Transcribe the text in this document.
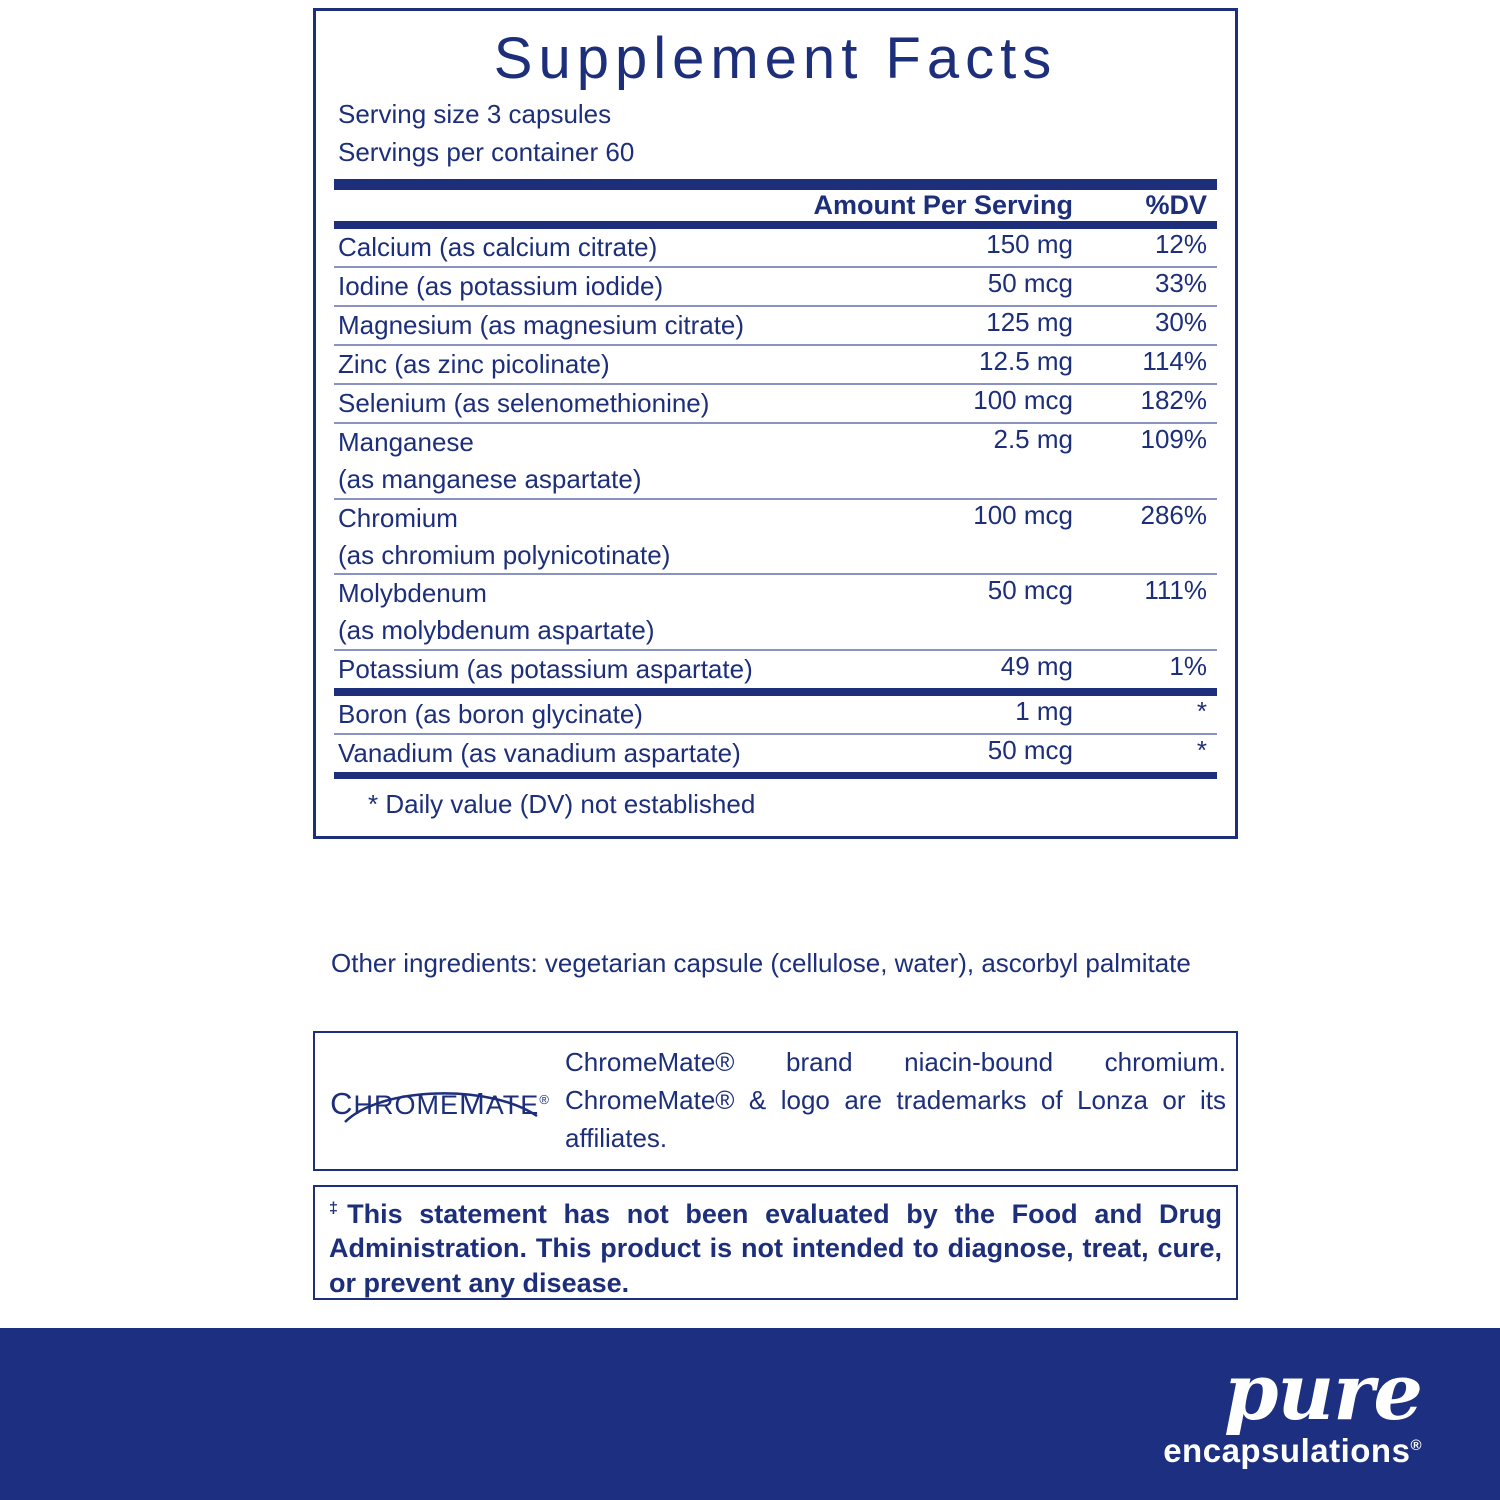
Supplement Facts
Serving size 3 capsules
Servings per container 60
	Amount Per Serving	%DV

Calcium (as calcium citrate)	150 mg	12%

Iodine (as potassium iodide)	50 mcg	33%

Magnesium (as magnesium citrate)	125 mg	30%

Zinc (as zinc picolinate)	12.5 mg	114%

Selenium (as selenomethionine)	100 mcg	182%

Manganese
(as manganese aspartate)	2.5 mg	109%

Chromium
(as chromium polynicotinate)	100 mcg	286%

Molybdenum
(as molybdenum aspartate)	50 mcg	111%

Potassium (as potassium aspartate)	49 mg	1%

Boron (as boron glycinate)	1 mg	*

Vanadium (as vanadium aspartate)	50 mcg	*
* Daily value (DV) not established
Other ingredients: vegetarian capsule (cellulose, water), ascorbyl palmitate
CHROMEMATE®
ChromeMate® brand niacin-bound chromium. ChromeMate® & logo are trademarks of Lonza or its affiliates.
‡This statement has not been evaluated by the Food and Drug Administration. This product is not intended to diagnose, treat, cure, or prevent any disease.
pure
encapsulations®
